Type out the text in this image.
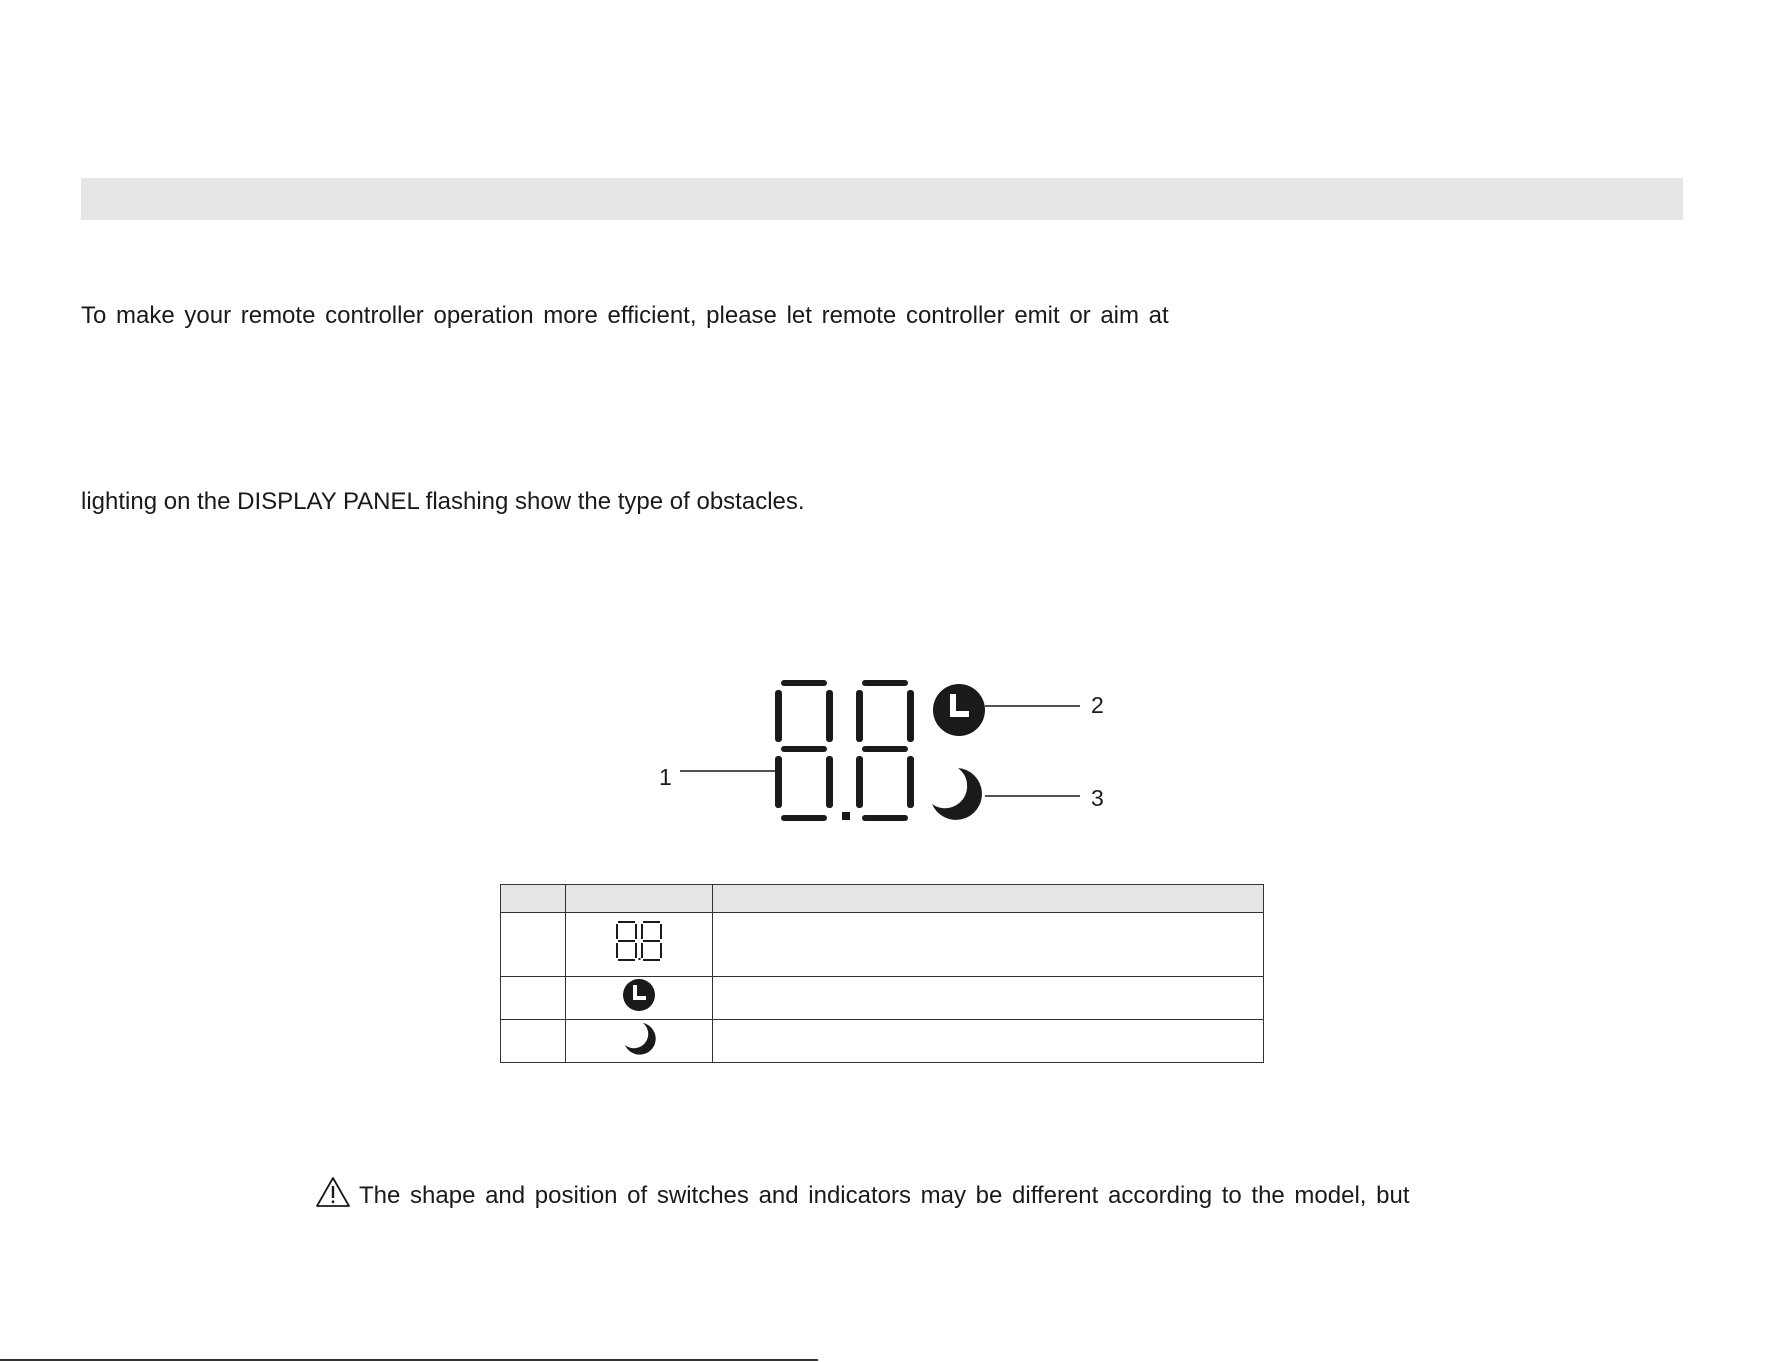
To make your remote controller operation more efficient, please let remote controller emit or aim at
lighting on the DISPLAY PANEL flashing show the type of obstacles.
1
2
3

The shape and position of switches and indicators may be different according to the model, but
